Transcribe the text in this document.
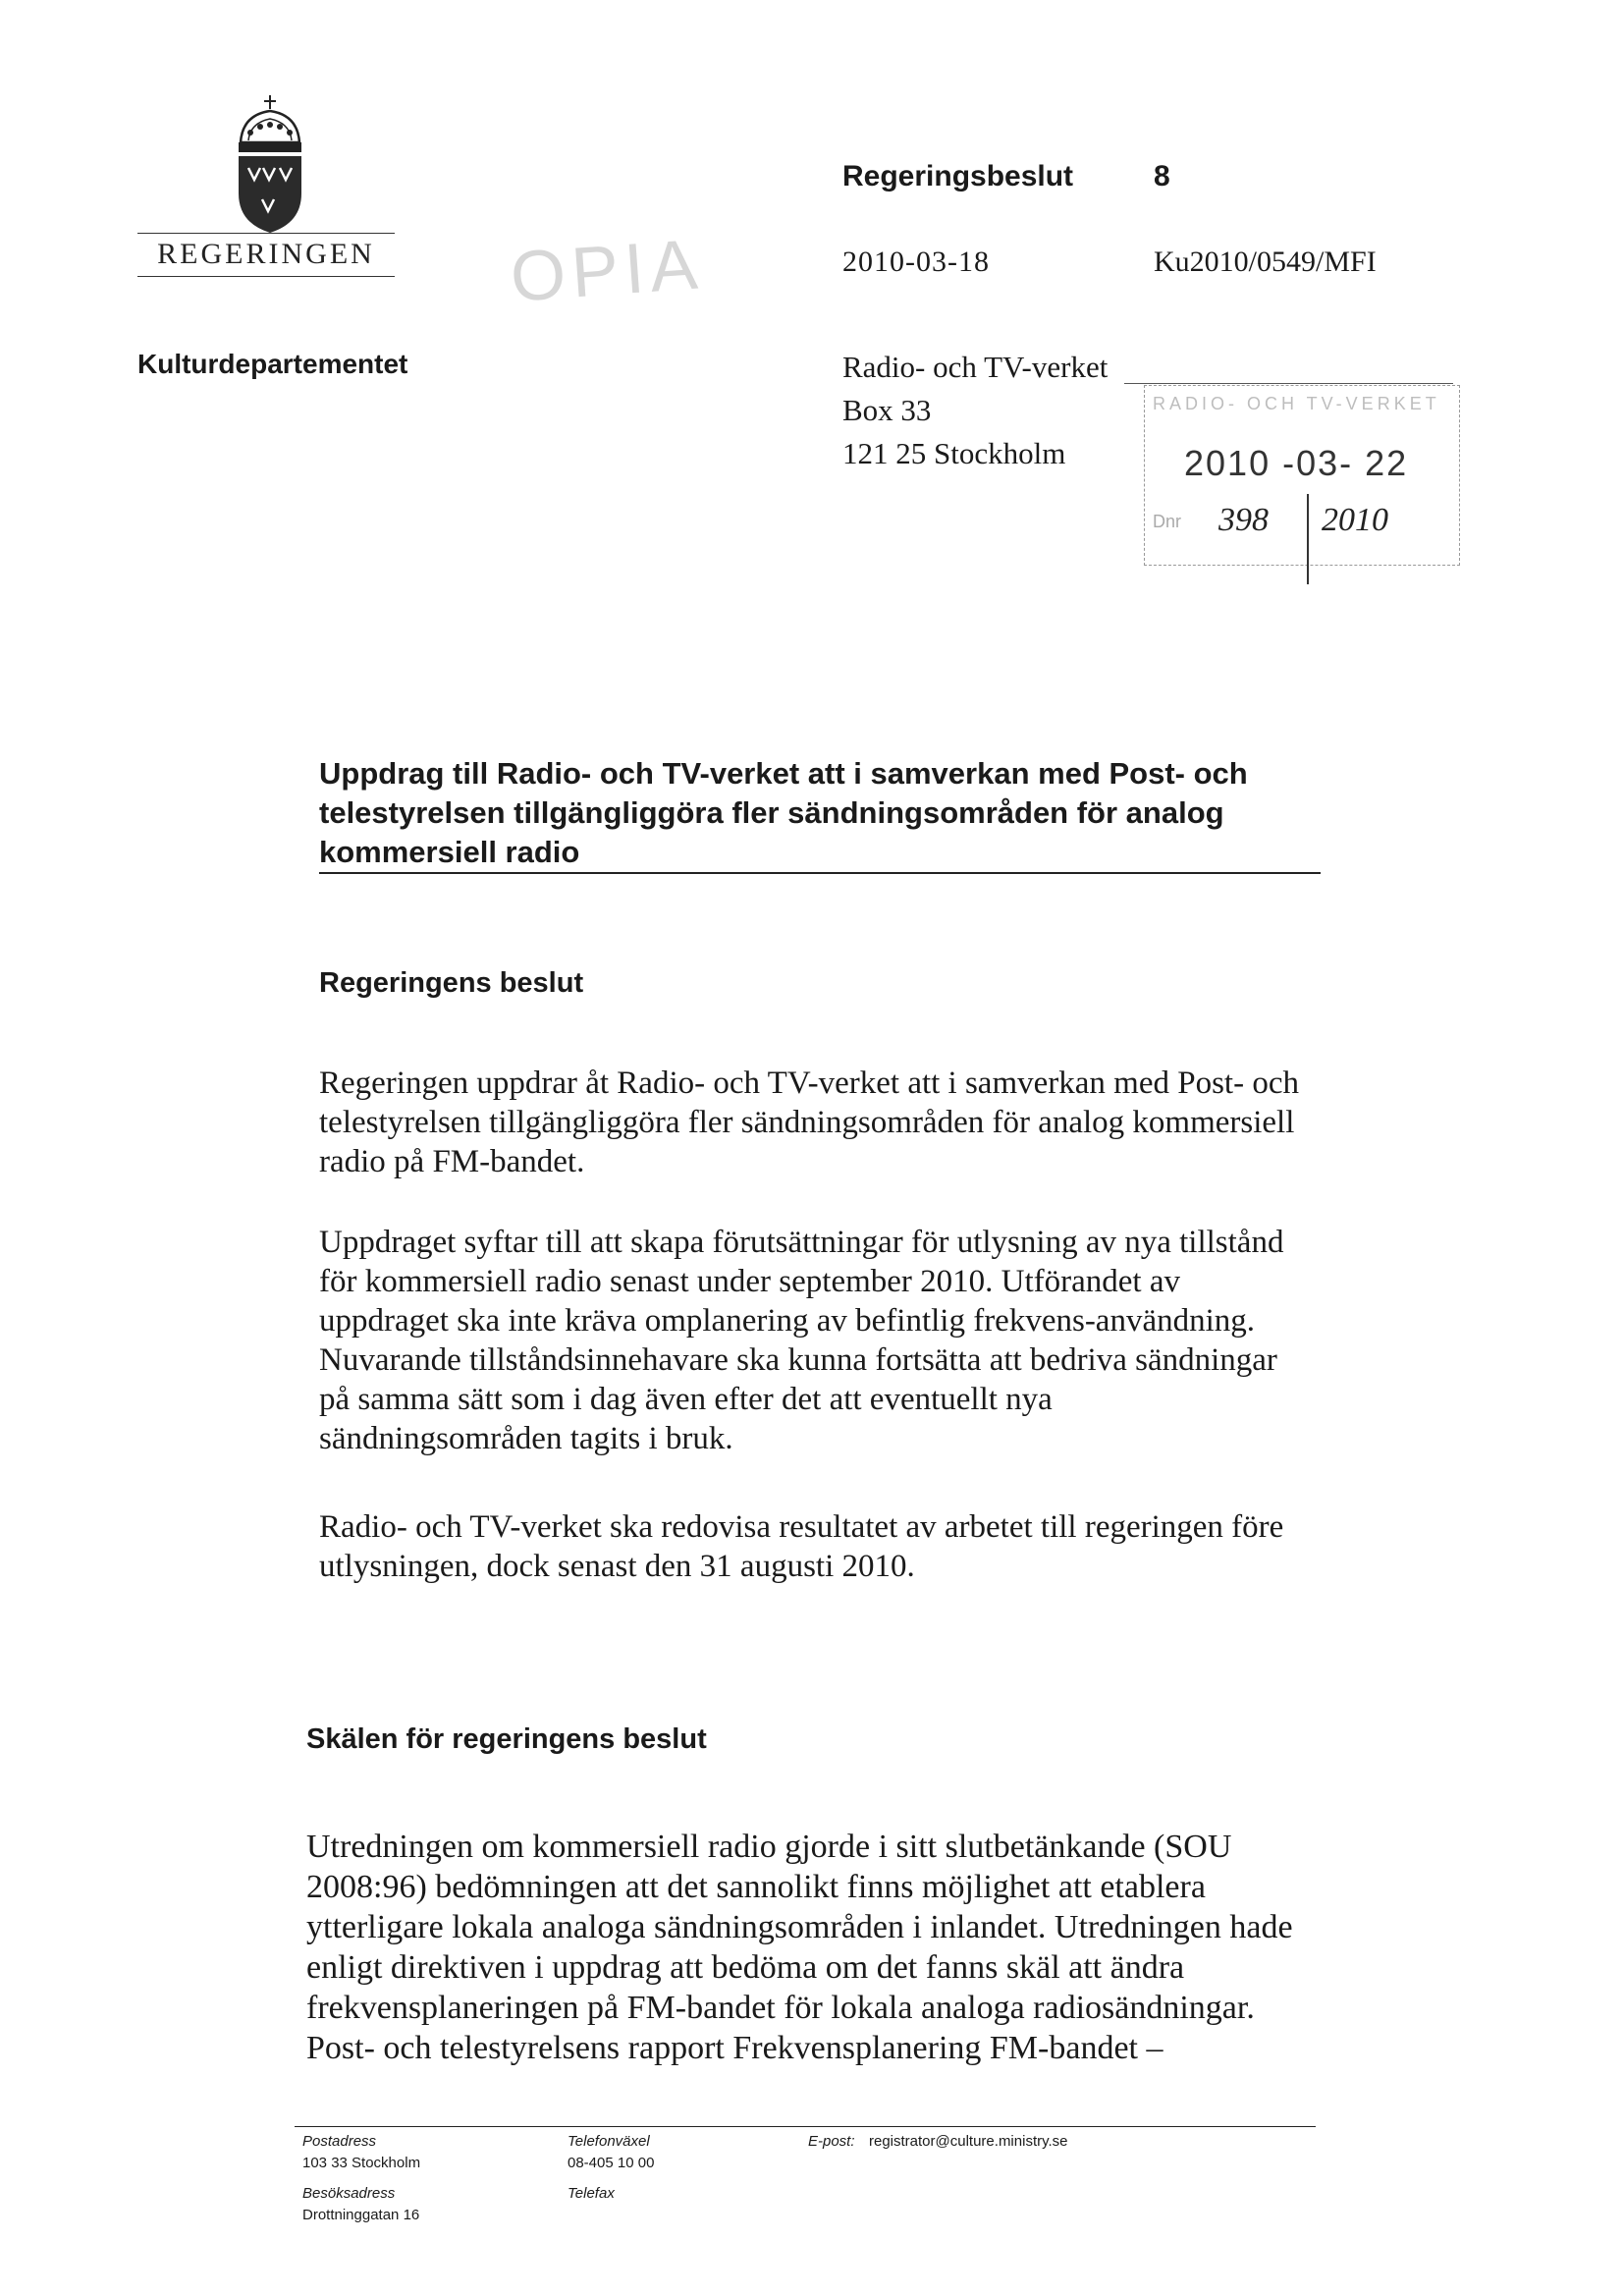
REGERINGEN OPIA
Regeringsbeslut	8
2010-03-18	Ku2010/0549/MFI
Kulturdepartementet	Radio- och TV-verket
Box 33
121 25 Stockholm
RADIO- OCH TV-VERKET
2010 -03- 22
Dnr 398 2010
Uppdrag till Radio- och TV-verket att i samverkan med Post- och telestyrelsen tillgängliggöra fler sändningsområden för analog kommersiell radio
Regeringens beslut
Regeringen uppdrar åt Radio- och TV-verket att i samverkan med Post- och telestyrelsen tillgängliggöra fler sändningsområden för analog kommersiell radio på FM-bandet.
Uppdraget syftar till att skapa förutsättningar för utlysning av nya tillstånd för kommersiell radio senast under september 2010. Utförandet av uppdraget ska inte kräva omplanering av befintlig frekvens-användning. Nuvarande tillståndsinnehavare ska kunna fortsätta att bedriva sändningar på samma sätt som i dag även efter det att eventuellt nya sändningsområden tagits i bruk.
Radio- och TV-verket ska redovisa resultatet av arbetet till regeringen före utlysningen, dock senast den 31 augusti 2010.
Skälen för regeringens beslut
Utredningen om kommersiell radio gjorde i sitt slutbetänkande (SOU 2008:96) bedömningen att det sannolikt finns möjlighet att etablera ytterligare lokala analoga sändningsområden i inlandet. Utredningen hade enligt direktiven i uppdrag att bedöma om det fanns skäl att ändra frekvensplaneringen på FM-bandet för lokala analoga radiosändningar. Post- och telestyrelsens rapport Frekvensplanering FM-bandet –
Postadress
103 33 Stockholm
Besöksadress
Drottninggatan 16
Telefonväxel
08-405 10 00
Telefax
E-post: registrator@culture.ministry.se
